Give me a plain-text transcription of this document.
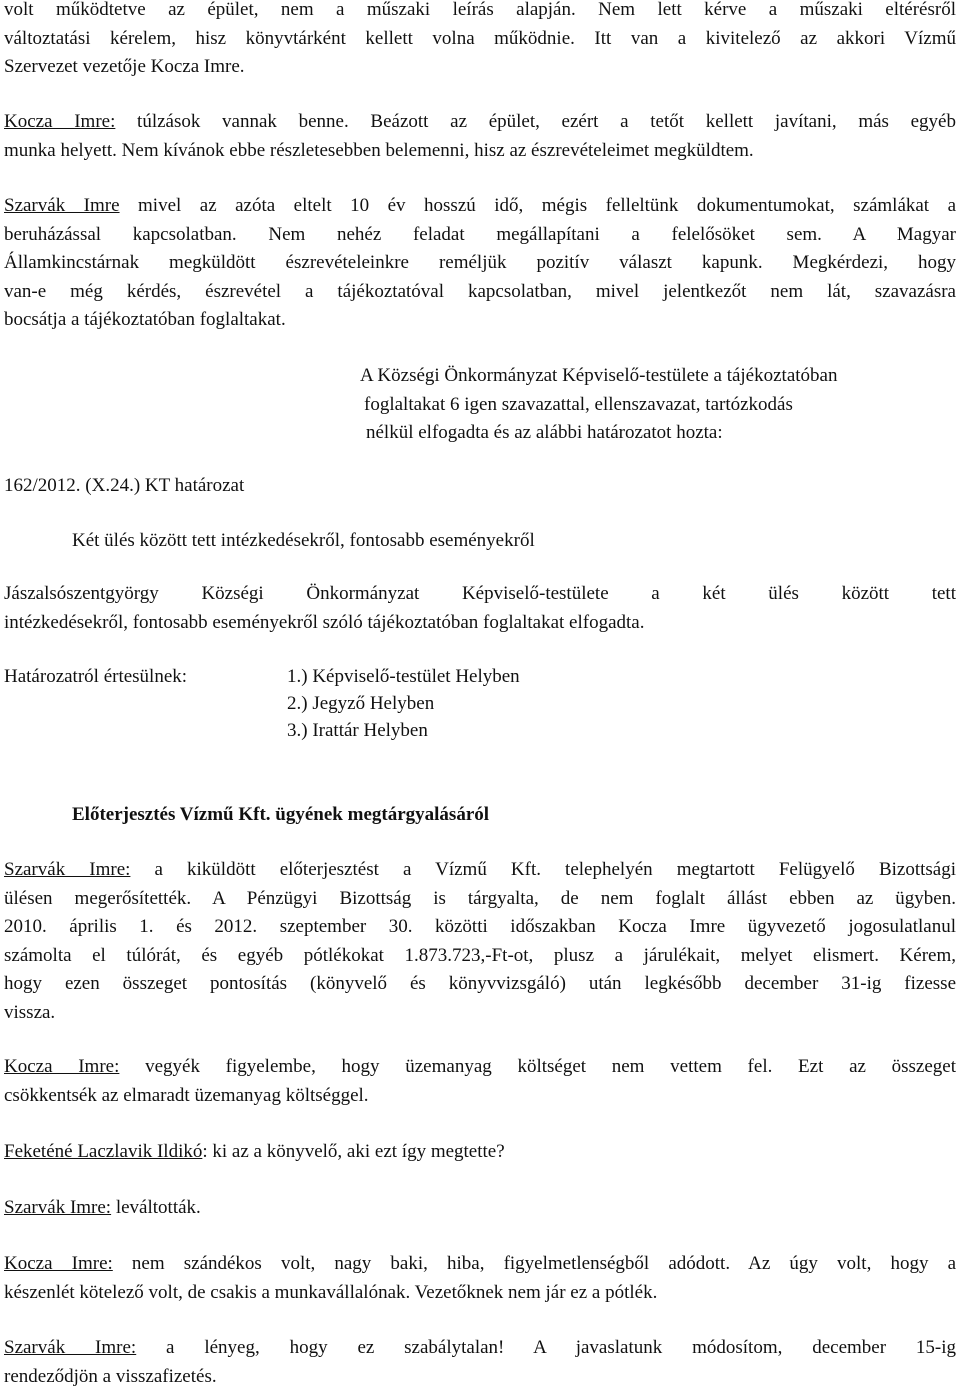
volt működtetve az épület, nem a műszaki leírás alapján. Nem lett kérve a műszaki eltérésről
változtatási kérelem, hisz könyvtárként kellett volna működnie. Itt van a kivitelező az akkori Vízmű
Szervezet vezetője Kocza Imre.
Kocza Imre: túlzások vannak benne. Beázott az épület, ezért a tetőt kellett javítani, más egyéb
munka helyett. Nem kívánok ebbe részletesebben belemenni, hisz az észrevételeimet megküldtem.
Szarvák Imre mivel az azóta eltelt 10 év hosszú idő, mégis felleltünk dokumentumokat, számlákat a
beruházással kapcsolatban. Nem nehéz feladat megállapítani a felelősöket sem. A Magyar
Államkincstárnak megküldött észrevételeinkre reméljük pozitív választ kapunk. Megkérdezi, hogy
van-e még kérdés, észrevétel a tájékoztatóval kapcsolatban, mivel jelentkezőt nem lát, szavazásra
bocsátja a tájékoztatóban foglaltakat.
A Községi Önkormányzat Képviselő-testülete a tájékoztatóban
foglaltakat 6 igen szavazattal, ellenszavazat, tartózkodás
nélkül elfogadta és az alábbi határozatot hozta:
162/2012. (X.24.) KT határozat
Két ülés között tett intézkedésekről, fontosabb eseményekről
Jászalsószentgyörgy Községi Önkormányzat Képviselő-testülete a két ülés között tett
intézkedésekről, fontosabb eseményekről szóló tájékoztatóban foglaltakat elfogadta.
Határozatról értesülnek:	1.) Képviselő-testület Helyben
2.) Jegyző Helyben
3.) Irattár Helyben
Előterjesztés Vízmű Kft. ügyének megtárgyalásáról
Szarvák Imre: a kiküldött előterjesztést a Vízmű Kft. telephelyén megtartott Felügyelő Bizottsági
ülésen megerősítették. A Pénzügyi Bizottság is tárgyalta, de nem foglalt állást ebben az ügyben.
2010. április 1. és 2012. szeptember 30. közötti időszakban Kocza Imre ügyvezető jogosulatlanul
számolta el túlórát, és egyéb pótlékokat 1.873.723,-Ft-ot, plusz a járulékait, melyet elismert. Kérem,
hogy ezen összeget pontosítás (könyvelő és könyvvizsgáló) után legkésőbb december 31-ig fizesse
vissza.
Kocza Imre: vegyék figyelembe, hogy üzemanyag költséget nem vettem fel. Ezt az összeget
csökkentsék az elmaradt üzemanyag költséggel.
Feketéné Laczlavik Ildikó: ki az a könyvelő, aki ezt így megtette?
Szarvák Imre: leváltották.
Kocza Imre: nem szándékos volt, nagy baki, hiba, figyelmetlenségből adódott. Az úgy volt, hogy a
készenlét kötelező volt, de csakis a munkavállalónak. Vezetőknek nem jár ez a pótlék.
Szarvák Imre: a lényeg, hogy ez szabálytalan! A javaslatunk módosítom, december 15-ig
rendeződjön a visszafizetés.
